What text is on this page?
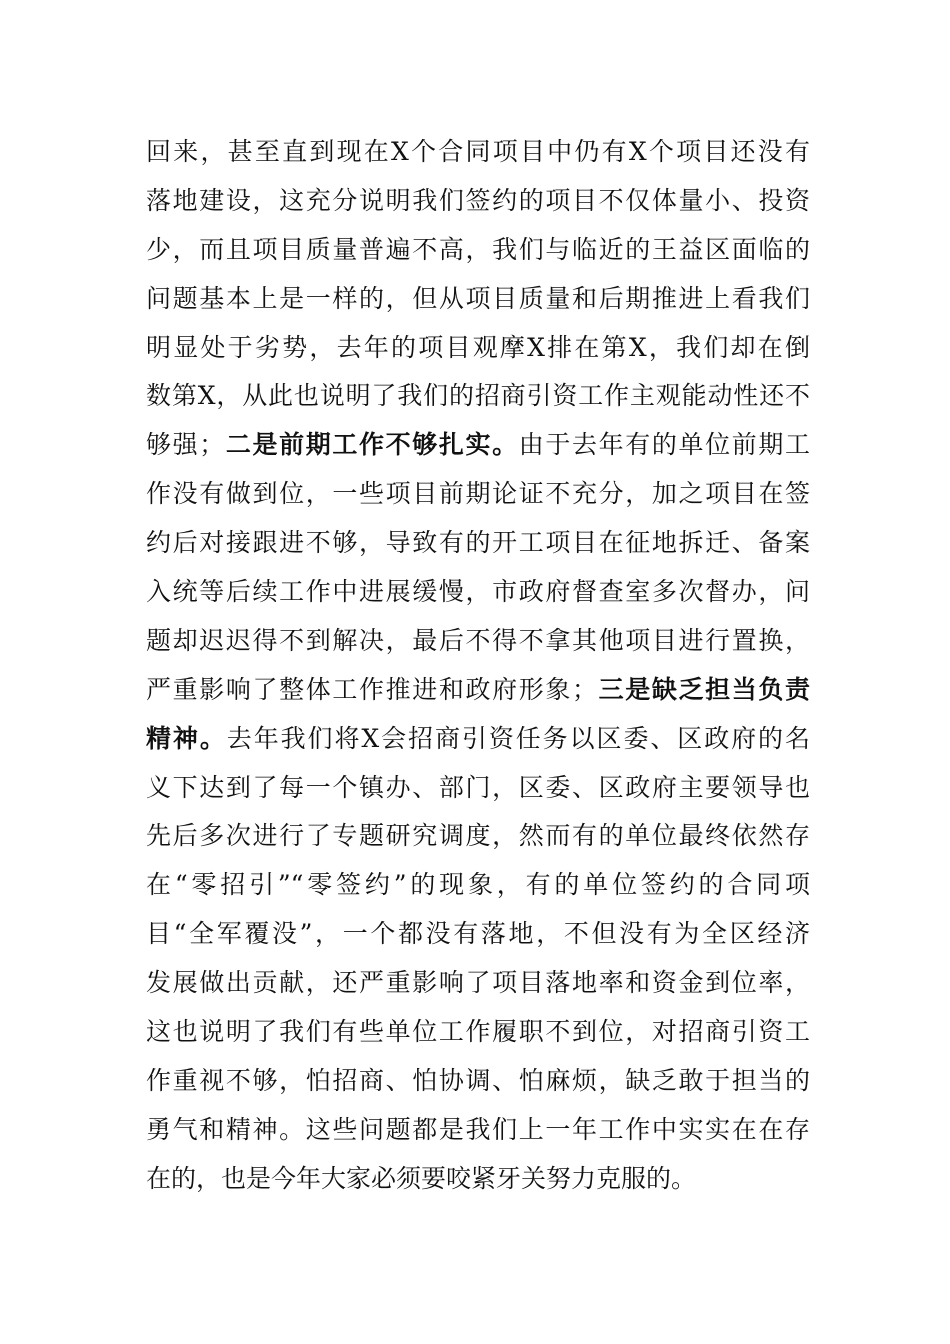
回来，甚至直到现在X个合同项目中仍有X个项目还没有
落地建设，这充分说明我们签约的项目不仅体量小、投资
少，而且项目质量普遍不高，我们与临近的王益区面临的
问题基本上是一样的，但从项目质量和后期推进上看我们
明显处于劣势，去年的项目观摩X排在第X，我们却在倒
数第X，从此也说明了我们的招商引资工作主观能动性还不
够强；二是前期工作不够扎实。由于去年有的单位前期工
作没有做到位，一些项目前期论证不充分，加之项目在签
约后对接跟进不够，导致有的开工项目在征地拆迁、备案
入统等后续工作中进展缓慢，市政府督查室多次督办，问
题却迟迟得不到解决，最后不得不拿其他项目进行置换，
严重影响了整体工作推进和政府形象；三是缺乏担当负责
精神。去年我们将X会招商引资任务以区委、区政府的名
义下达到了每一个镇办、部门，区委、区政府主要领导也
先后多次进行了专题研究调度，然而有的单位最终依然存
在“零招引”“零签约”的现象，有的单位签约的合同项
目“全军覆没”，一个都没有落地，不但没有为全区经济
发展做出贡献，还严重影响了项目落地率和资金到位率，
这也说明了我们有些单位工作履职不到位，对招商引资工
作重视不够，怕招商、怕协调、怕麻烦，缺乏敢于担当的
勇气和精神。这些问题都是我们上一年工作中实实在在存
在的，也是今年大家必须要咬紧牙关努力克服的。
